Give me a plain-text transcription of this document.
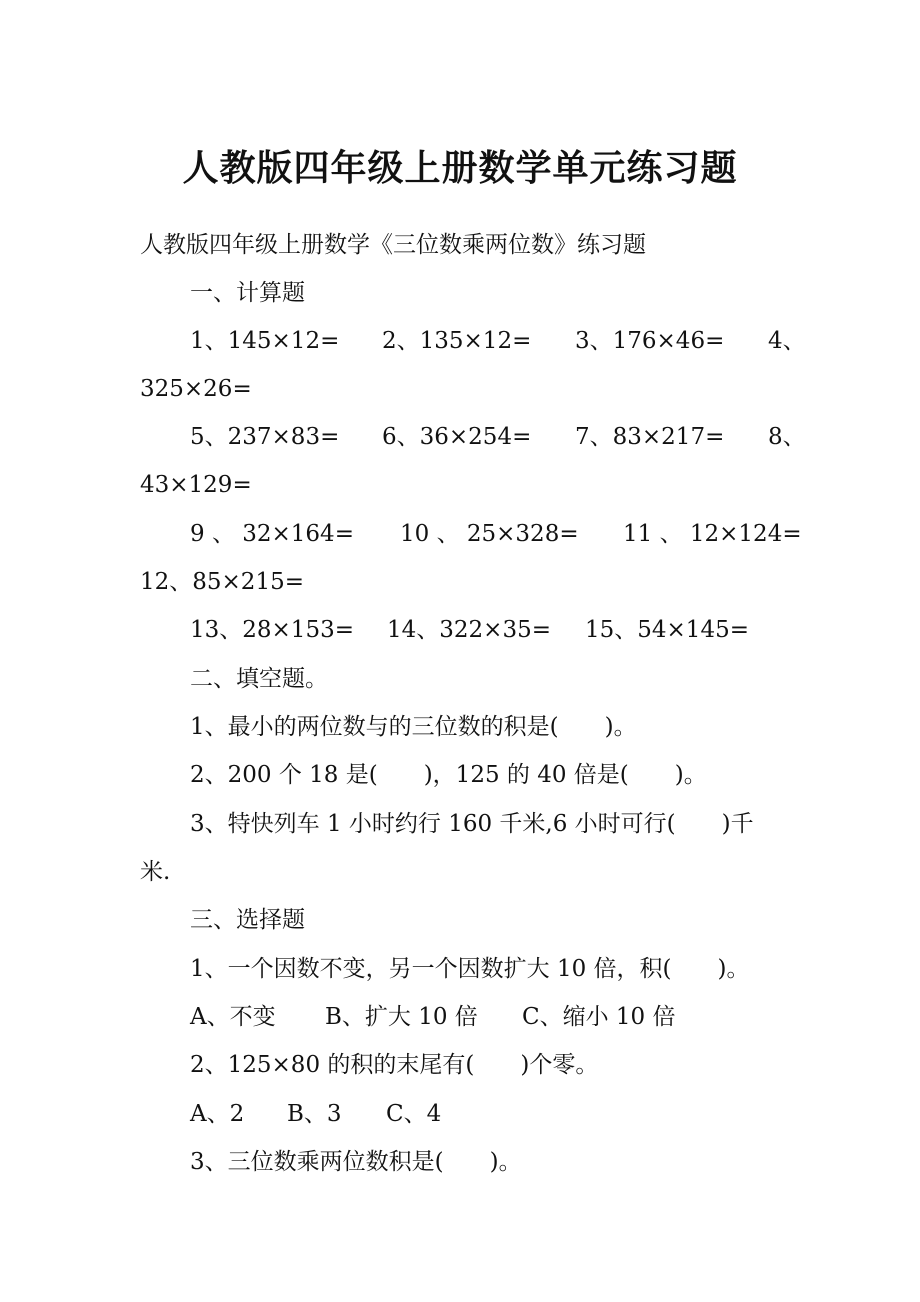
人教版四年级上册数学单元练习题
人教版四年级上册数学《三位数乘两位数》练习题
一、计算题
1、145×12= 2、135×12= 3、176×46= 4、
325×26=
5、237×83= 6、36×254= 7、83×217= 8、
43×129=
9 、 32×164= 10 、 25×328= 11 、 12×124=
12、85×215=
13、28×153= 14、322×35= 15、54×145=
二、填空题。
1、最小的两位数与的三位数的积是(　　)。
2、200 个 18 是(　　)，125 的 40 倍是(　　)。
3、特快列车 1 小时约行 160 千米,6 小时可行(　　)千
米.
三、选择题
1、一个因数不变，另一个因数扩大 10 倍，积(　　)。
A、不变 B、扩大 10 倍 C、缩小 10 倍
2、125×80 的积的末尾有(　　)个零。
A、2 B、3 C、4
3、三位数乘两位数积是(　　)。
